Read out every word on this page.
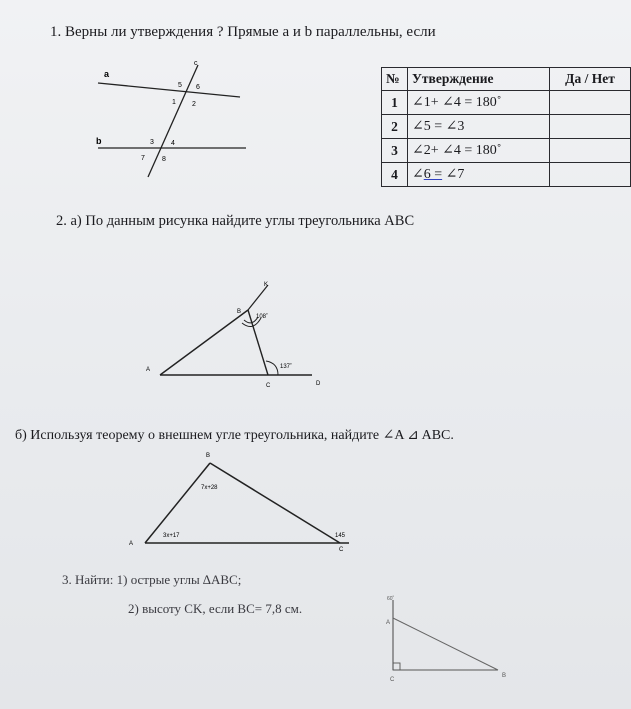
1. Верны ли утверждения ? Прямые a и b параллельны, если
a
b
c
5 6
1 2
3 4
7 8
№	Утверждение	Да / Нет
1	∠1+ ∠4 = 180˚	
2	∠5 = ∠3	
3	∠2+ ∠4 = 180˚	
4	∠6 = ∠7	
2. а) По данным рисунка найдите углы треугольника ABC
A
B
C	D
K
108˚
137˚
б) Используя теорему о внешнем угле треугольника, найдите ∠A ⊿ ABC.
A
B
C
7x+28
3x+17	145
3. Найти: 1) острые углы ∆ABC;
2) высоту CK, если BC= 7,8 см.
60˚
A
C
B
